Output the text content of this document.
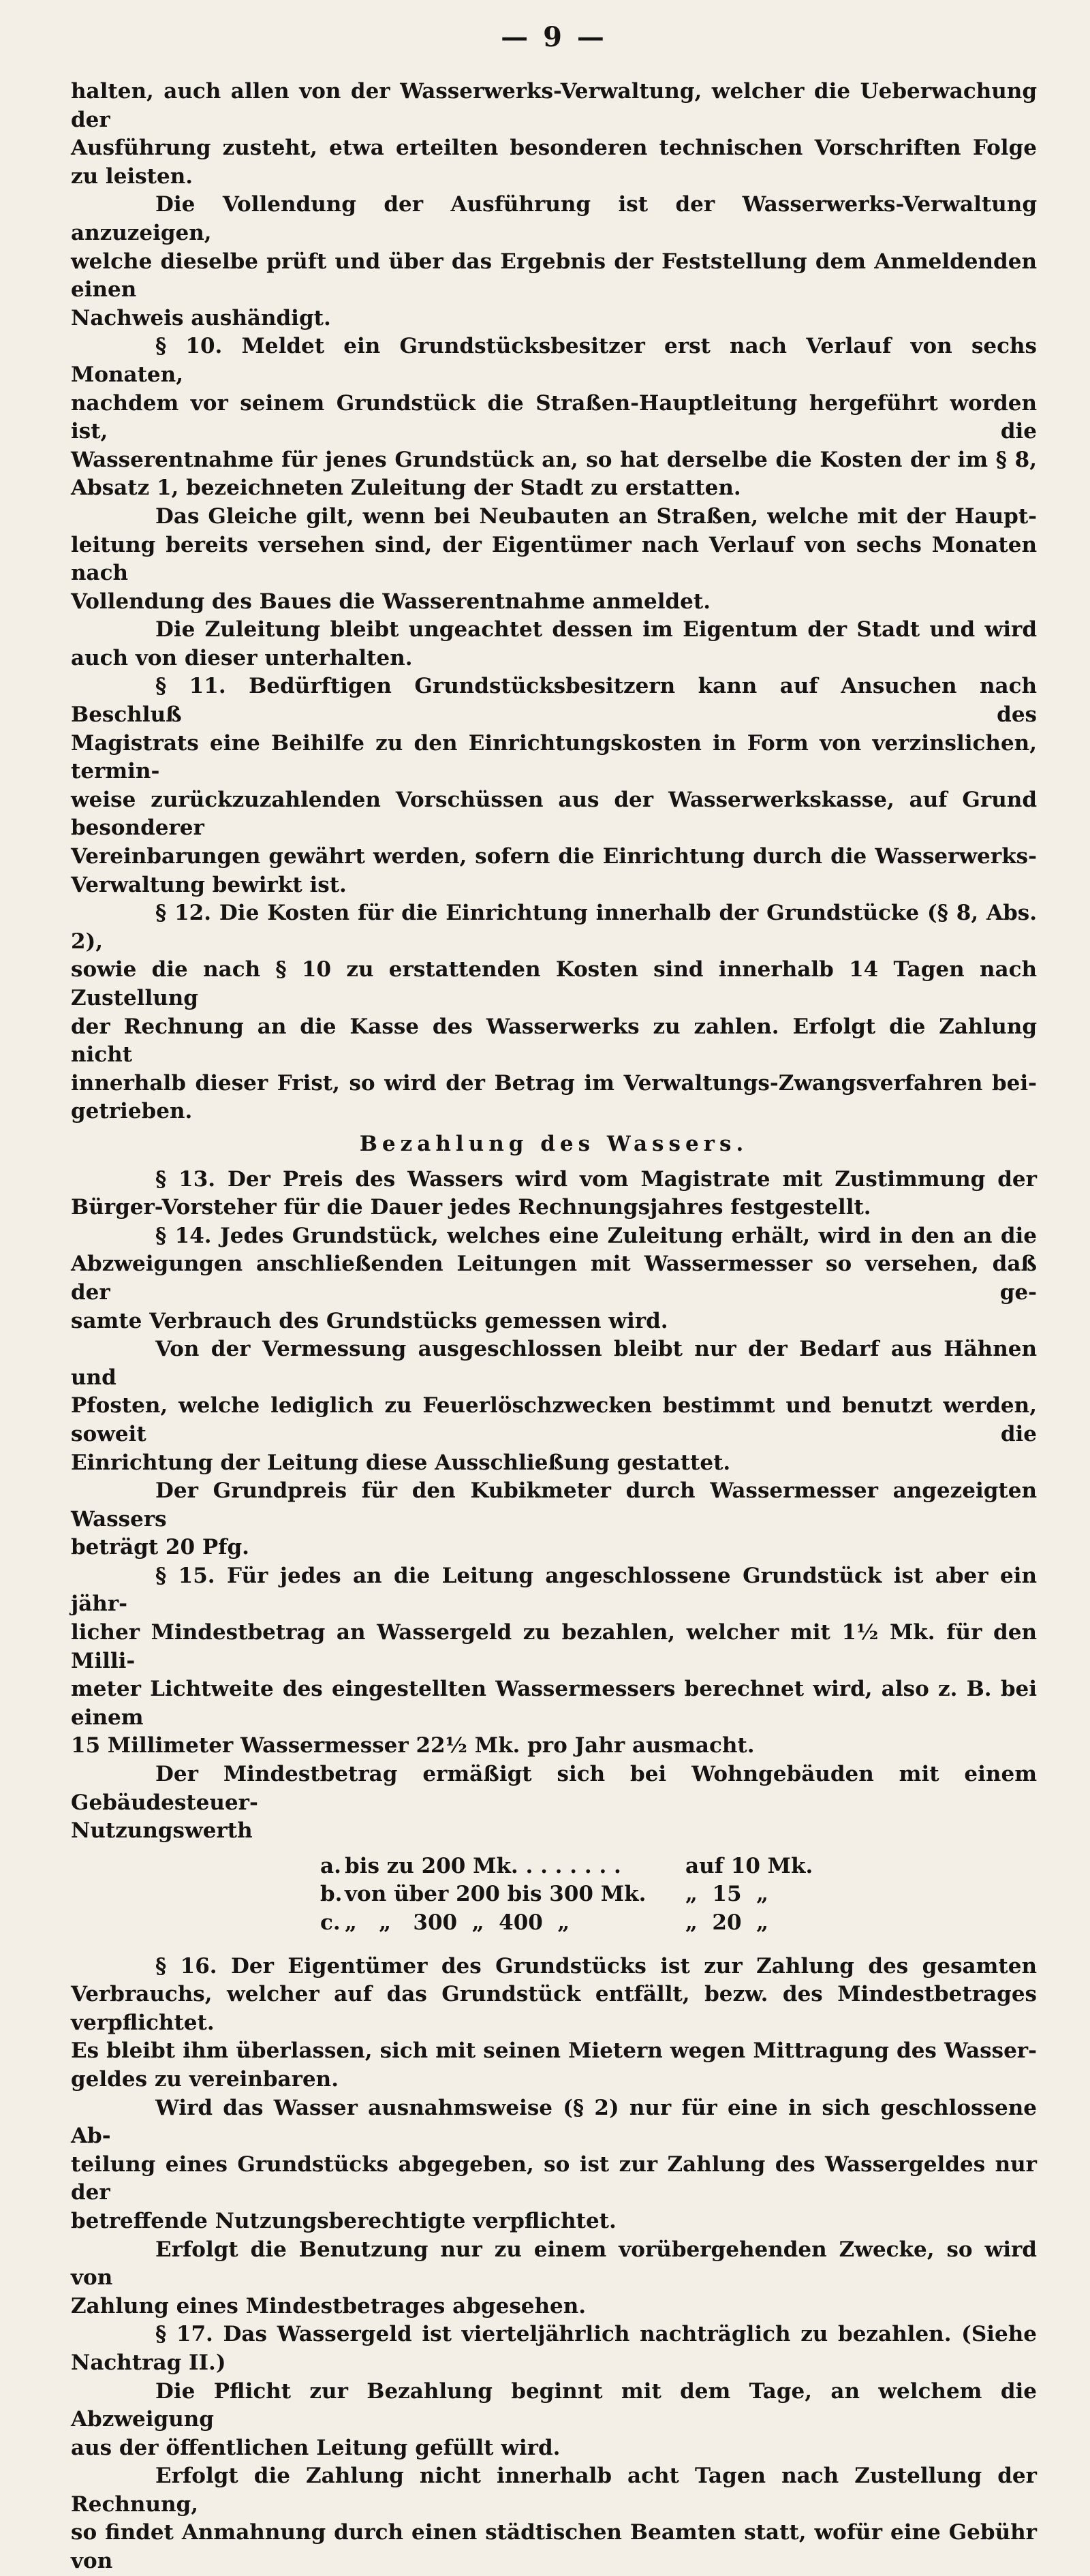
— 9 —
halten, auch allen von der Wasserwerks-Verwaltung, welcher die Ueberwachung der
Ausführung zusteht, etwa erteilten besonderen technischen Vorschriften Folge zu leisten.
Die Vollendung der Ausführung ist der Wasserwerks-Verwaltung anzuzeigen,
welche dieselbe prüft und über das Ergebnis der Feststellung dem Anmeldenden einen
Nachweis aushändigt.
§ 10. Meldet ein Grundstücksbesitzer erst nach Verlauf von sechs Monaten,
nachdem vor seinem Grundstück die Straßen-Hauptleitung hergeführt worden ist, die
Wasserentnahme für jenes Grundstück an, so hat derselbe die Kosten der im § 8,
Absatz 1, bezeichneten Zuleitung der Stadt zu erstatten.
Das Gleiche gilt, wenn bei Neubauten an Straßen, welche mit der Haupt-
leitung bereits versehen sind, der Eigentümer nach Verlauf von sechs Monaten nach
Vollendung des Baues die Wasserentnahme anmeldet.
Die Zuleitung bleibt ungeachtet dessen im Eigentum der Stadt und wird
auch von dieser unterhalten.
§ 11. Bedürftigen Grundstücksbesitzern kann auf Ansuchen nach Beschluß des
Magistrats eine Beihilfe zu den Einrichtungskosten in Form von verzinslichen, termin-
weise zurückzuzahlenden Vorschüssen aus der Wasserwerkskasse, auf Grund besonderer
Vereinbarungen gewährt werden, sofern die Einrichtung durch die Wasserwerks-
Verwaltung bewirkt ist.
§ 12. Die Kosten für die Einrichtung innerhalb der Grundstücke (§ 8, Abs. 2),
sowie die nach § 10 zu erstattenden Kosten sind innerhalb 14 Tagen nach Zustellung
der Rechnung an die Kasse des Wasserwerks zu zahlen. Erfolgt die Zahlung nicht
innerhalb dieser Frist, so wird der Betrag im Verwaltungs-Zwangsverfahren bei-
getrieben.
Bezahlung des Wassers.
§ 13. Der Preis des Wassers wird vom Magistrate mit Zustimmung der
Bürger-Vorsteher für die Dauer jedes Rechnungsjahres festgestellt.
§ 14. Jedes Grundstück, welches eine Zuleitung erhält, wird in den an die
Abzweigungen anschließenden Leitungen mit Wassermesser so versehen, daß der ge-
samte Verbrauch des Grundstücks gemessen wird.
Von der Vermessung ausgeschlossen bleibt nur der Bedarf aus Hähnen und
Pfosten, welche lediglich zu Feuerlöschzwecken bestimmt und benutzt werden, soweit die
Einrichtung der Leitung diese Ausschließung gestattet.
Der Grundpreis für den Kubikmeter durch Wassermesser angezeigten Wassers
beträgt 20 Pfg.
§ 15. Für jedes an die Leitung angeschlossene Grundstück ist aber ein jähr-
licher Mindestbetrag an Wassergeld zu bezahlen, welcher mit 1½ Mk. für den Milli-
meter Lichtweite des eingestellten Wassermessers berechnet wird, also z. B. bei einem
15 Millimeter Wassermesser 22½ Mk. pro Jahr ausmacht.
Der Mindestbetrag ermäßigt sich bei Wohngebäuden mit einem Gebäudesteuer-
Nutzungswerth
a. bis zu 200 Mk. . . . . . . .	auf 10 Mk.
b. von über 200 bis 300 Mk.	„  15  „
c. „   „   300  „  400  „	„  20  „
§ 16. Der Eigentümer des Grundstücks ist zur Zahlung des gesamten
Verbrauchs, welcher auf das Grundstück entfällt, bezw. des Mindestbetrages verpflichtet.
Es bleibt ihm überlassen, sich mit seinen Mietern wegen Mittragung des Wasser-
geldes zu vereinbaren.
Wird das Wasser ausnahmsweise (§ 2) nur für eine in sich geschlossene Ab-
teilung eines Grundstücks abgegeben, so ist zur Zahlung des Wassergeldes nur der
betreffende Nutzungsberechtigte verpflichtet.
Erfolgt die Benutzung nur zu einem vorübergehenden Zwecke, so wird von
Zahlung eines Mindestbetrages abgesehen.
§ 17. Das Wassergeld ist vierteljährlich nachträglich zu bezahlen. (Siehe
Nachtrag II.)
Die Pflicht zur Bezahlung beginnt mit dem Tage, an welchem die Abzweigung
aus der öffentlichen Leitung gefüllt wird.
Erfolgt die Zahlung nicht innerhalb acht Tagen nach Zustellung der Rechnung,
so findet Anmahnung durch einen städtischen Beamten statt, wofür eine Gebühr von
